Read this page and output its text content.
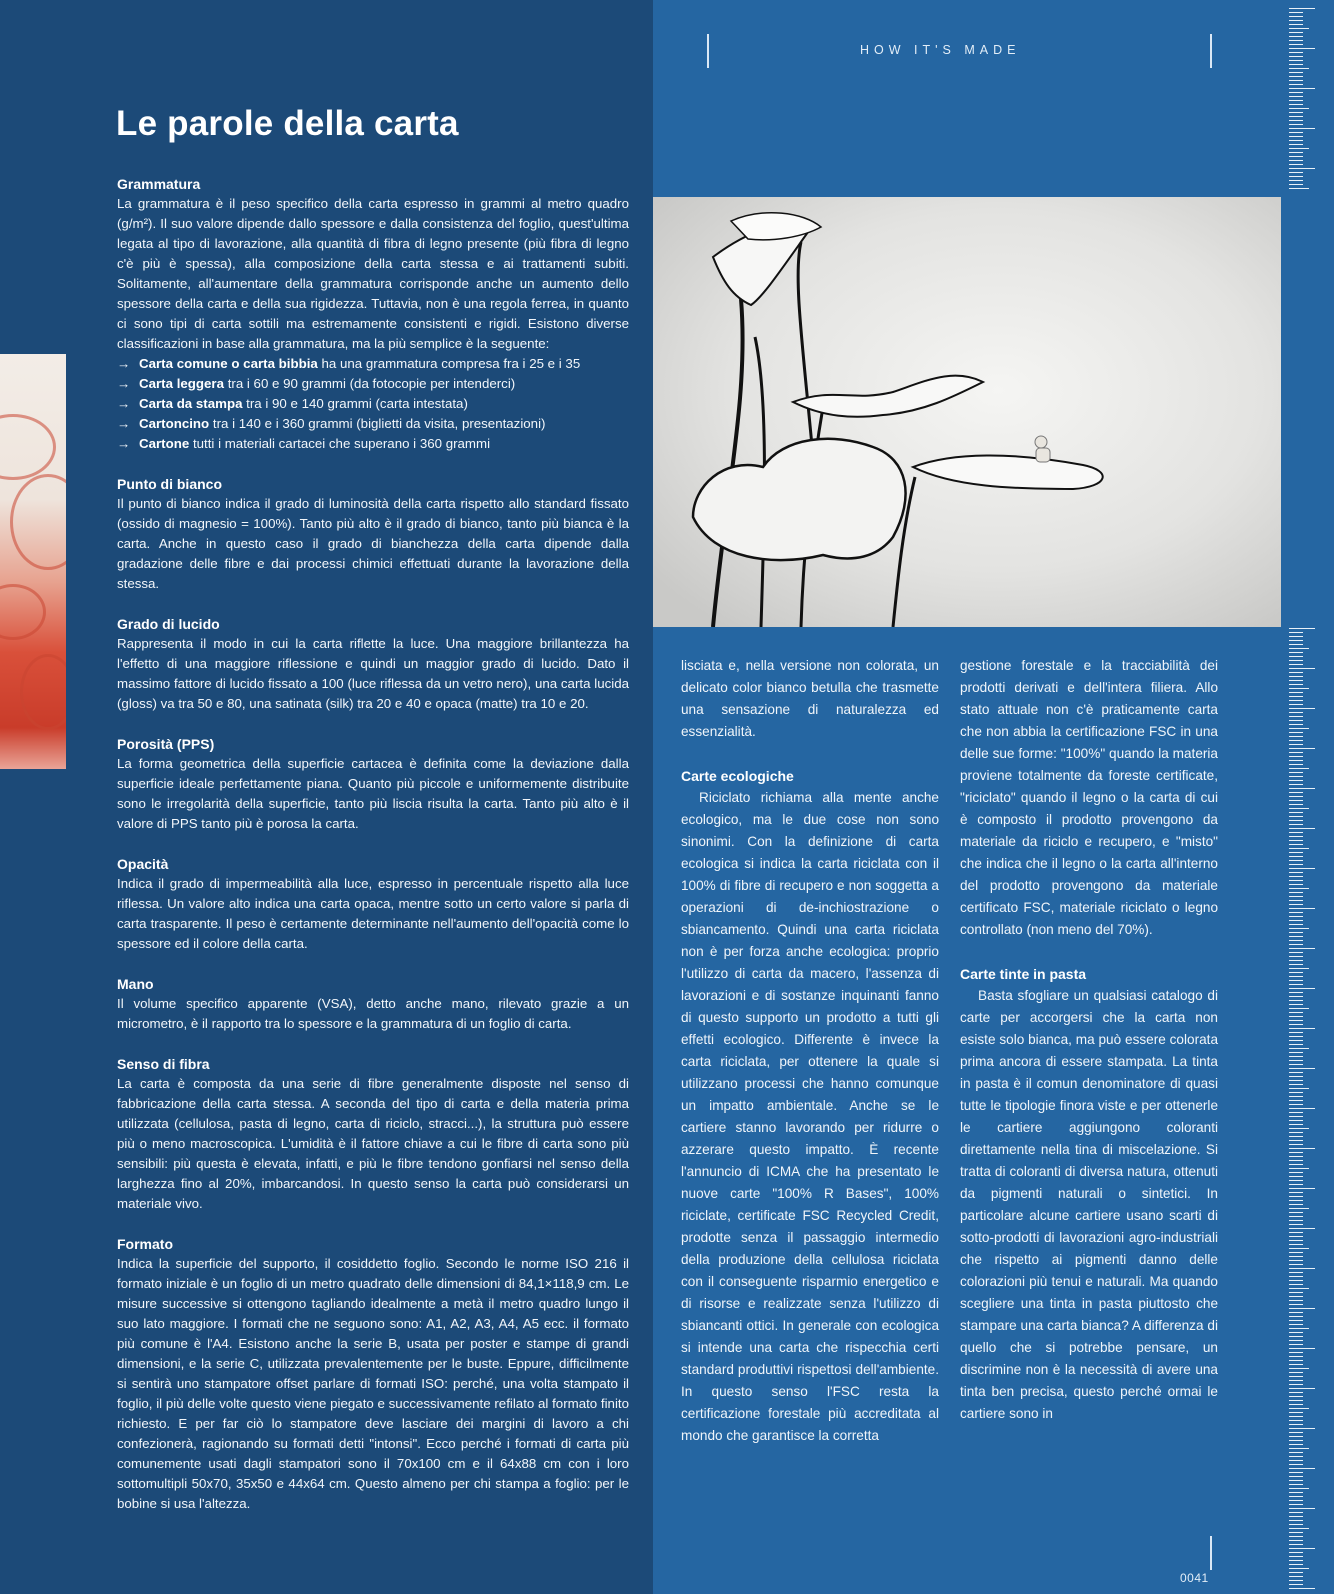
Le parole della carta

Grammatura

La grammatura è il peso specifico della carta espresso in grammi al metro quadro (g/m²). Il suo valore dipende dallo spessore e dalla consistenza del foglio, quest'ultima legata al tipo di lavorazione, alla quantità di fibra di legno presente (più fibra di legno c'è più è spessa), alla composizione della carta stessa e ai trattamenti subiti. Solitamente, all'aumentare della grammatura corrisponde anche un aumento dello spessore della carta e della sua rigidezza. Tuttavia, non è una regola ferrea, in quanto ci sono tipi di carta sottili ma estremamente consistenti e rigidi. Esistono diverse classificazioni in base alla grammatura, ma la più semplice è la seguente:

→ Carta comune o carta bibbia ha una grammatura compresa fra i 25 e i 35
→ Carta leggera tra i 60 e 90 grammi (da fotocopie per intenderci)
→ Carta da stampa tra i 90 e 140 grammi (carta intestata)
→ Cartoncino tra i 140 e i 360 grammi (biglietti da visita, presentazioni)
→ Cartone tutti i materiali cartacei che superano i 360 grammi

Punto di bianco

Il punto di bianco indica il grado di luminosità della carta rispetto allo standard fissato (ossido di magnesio = 100%). Tanto più alto è il grado di bianco, tanto più bianca è la carta. Anche in questo caso il grado di bianchezza della carta dipende dalla gradazione delle fibre e dai processi chimici effettuati durante la lavorazione della stessa.

Grado di lucido

Rappresenta il modo in cui la carta riflette la luce. Una maggiore brillantezza ha l'effetto di una maggiore riflessione e quindi un maggior grado di lucido. Dato il massimo fattore di lucido fissato a 100 (luce riflessa da un vetro nero), una carta lucida (gloss) va tra 50 e 80, una satinata (silk) tra 20 e 40 e opaca (matte) tra 10 e 20.

Porosità (PPS)

La forma geometrica della superficie cartacea è definita come la deviazione dalla superficie ideale perfettamente piana. Quanto più piccole e uniformemente distribuite sono le irregolarità della superficie, tanto più liscia risulta la carta. Tanto più alto è il valore di PPS tanto più è porosa la carta.

Opacità

Indica il grado di impermeabilità alla luce, espresso in percentuale rispetto alla luce riflessa. Un valore alto indica una carta opaca, mentre sotto un certo valore si parla di carta trasparente. Il peso è certamente determinante nell'aumento dell'opacità come lo spessore ed il colore della carta.

Mano

Il volume specifico apparente (VSA), detto anche mano, rilevato grazie a un micrometro, è il rapporto tra lo spessore e la grammatura di un foglio di carta.

Senso di fibra

La carta è composta da una serie di fibre generalmente disposte nel senso di fabbricazione della carta stessa. A seconda del tipo di carta e della materia prima utilizzata (cellulosa, pasta di legno, carta di riciclo, stracci...), la struttura può essere più o meno macroscopica. L'umidità è il fattore chiave a cui le fibre di carta sono più sensibili: più questa è elevata, infatti, e più le fibre tendono gonfiarsi nel senso della larghezza fino al 20%, imbarcandosi. In questo senso la carta può considerarsi un materiale vivo.

Formato

Indica la superficie del supporto, il cosiddetto foglio. Secondo le norme ISO 216 il formato iniziale è un foglio di un metro quadrato delle dimensioni di 84,1×118,9 cm. Le misure successive si ottengono tagliando idealmente a metà il metro quadro lungo il suo lato maggiore. I formati che ne seguono sono: A1, A2, A3, A4, A5 ecc. il formato più comune è l'A4. Esistono anche la serie B, usata per poster e stampe di grandi dimensioni, e la serie C, utilizzata prevalentemente per le buste. Eppure, difficilmente si sentirà uno stampatore offset parlare di formati ISO: perché, una volta stampato il foglio, il più delle volte questo viene piegato e successivamente refilato al formato finito richiesto. E per far ciò lo stampatore deve lasciare dei margini di lavoro a chi confezionerà, ragionando su formati detti "intonsi". Ecco perché i formati di carta più comunemente usati dagli stampatori sono il 70x100 cm e il 64x88 cm con i loro sottomultipli 50x70, 35x50 e 44x64 cm. Questo almeno per chi stampa a foglio: per le bobine si usa l'altezza.

HOW IT'S MADE

lisciata e, nella versione non colorata, un delicato color bianco betulla che trasmette una sensazione di naturalezza ed essenzialità.

Carte ecologiche

Riciclato richiama alla mente anche ecologico, ma le due cose non sono sinonimi. Con la definizione di carta ecologica si indica la carta riciclata con il 100% di fibre di recupero e non soggetta a operazioni di de-inchiostrazione o sbiancamento. Quindi una carta riciclata non è per forza anche ecologica: proprio l'utilizzo di carta da macero, l'assenza di lavorazioni e di sostanze inquinanti fanno di questo supporto un prodotto a tutti gli effetti ecologico. Differente è invece la carta riciclata, per ottenere la quale si utilizzano processi che hanno comunque un impatto ambientale. Anche se le cartiere stanno lavorando per ridurre o azzerare questo impatto. È recente l'annuncio di ICMA che ha presentato le nuove carte "100% R Bases", 100% riciclate, certificate FSC Recycled Credit, prodotte senza il passaggio intermedio della produzione della cellulosa riciclata con il conseguente risparmio energetico e di risorse e realizzate senza l'utilizzo di sbiancanti ottici. In generale con ecologica si intende una carta che rispecchia certi standard produttivi rispettosi dell'ambiente. In questo senso l'FSC resta la certificazione forestale più accreditata al mondo che garantisce la corretta

gestione forestale e la tracciabilità dei prodotti derivati e dell'intera filiera. Allo stato attuale non c'è praticamente carta che non abbia la certificazione FSC in una delle sue forme: "100%" quando la materia proviene totalmente da foreste certificate, "riciclato" quando il legno o la carta di cui è composto il prodotto provengono da materiale da riciclo e recupero, e "misto" che indica che il legno o la carta all'interno del prodotto provengono da materiale certificato FSC, materiale riciclato o legno controllato (non meno del 70%).

Carte tinte in pasta

Basta sfogliare un qualsiasi catalogo di carte per accorgersi che la carta non esiste solo bianca, ma può essere colorata prima ancora di essere stampata. La tinta in pasta è il comun denominatore di quasi tutte le tipologie finora viste e per ottenerle le cartiere aggiungono coloranti direttamente nella tina di miscelazione. Si tratta di coloranti di diversa natura, ottenuti da pigmenti naturali o sintetici. In particolare alcune cartiere usano scarti di sotto-prodotti di lavorazioni agro-industriali che rispetto ai pigmenti danno delle colorazioni più tenui e naturali. Ma quando scegliere una tinta in pasta piuttosto che stampare una carta bianca? A differenza di quello che si potrebbe pensare, un discrimine non è la necessità di avere una tinta ben precisa, questo perché ormai le cartiere sono in

0041
